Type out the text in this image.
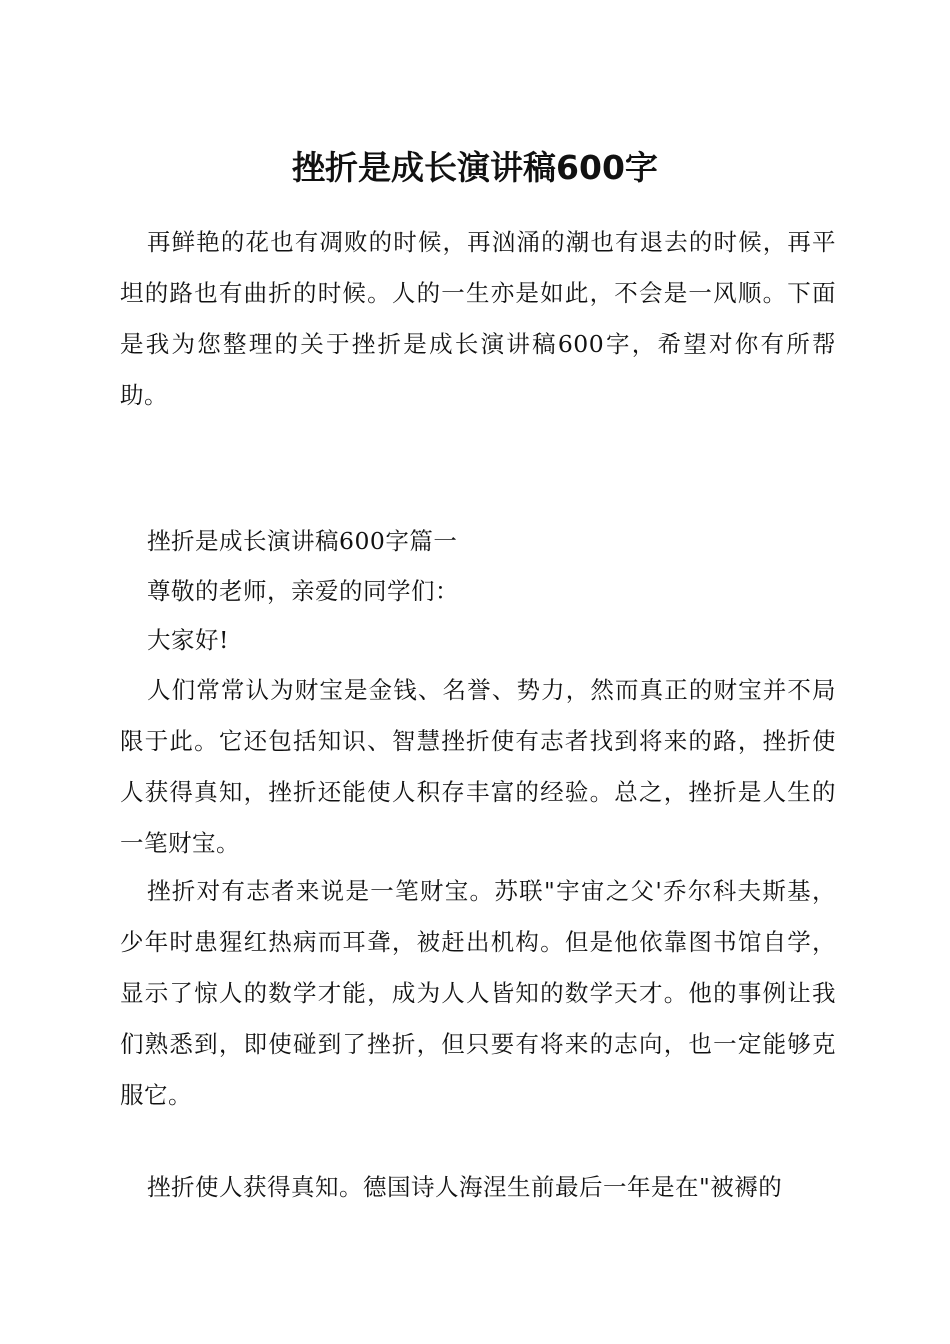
挫折是成长演讲稿600字

再鲜艳的花也有凋败的时候，再汹涌的潮也有退去的时候，再平坦的路也有曲折的时候。人的一生亦是如此，不会是一风顺。下面是我为您整理的关于挫折是成长演讲稿600字，希望对你有所帮助。

挫折是成长演讲稿600字篇一

尊敬的老师，亲爱的同学们：

大家好!

人们常常认为财宝是金钱、名誉、势力，然而真正的财宝并不局限于此。它还包括知识、智慧挫折使有志者找到将来的路，挫折使人获得真知，挫折还能使人积存丰富的经验。总之，挫折是人生的一笔财宝。

挫折对有志者来说是一笔财宝。苏联"宇宙之父'乔尔科夫斯基，少年时患猩红热病而耳聋，被赶出机构。但是他依靠图书馆自学，显示了惊人的数学才能，成为人人皆知的数学天才。他的事例让我们熟悉到，即使碰到了挫折，但只要有将来的志向，也一定能够克服它。

挫折使人获得真知。德国诗人海涅生前最后一年是在"被褥的
